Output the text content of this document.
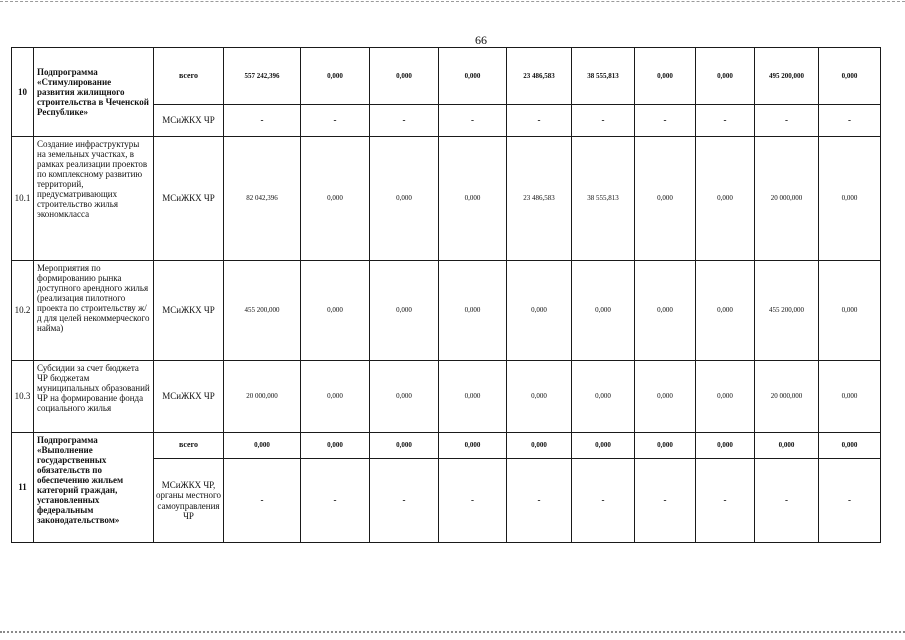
66
10	Подпрограмма «Стимулирование развития жилищного строительства в Чеченской Республике»	всего	557 242,396	0,000	0,000	0,000	23 486,583	38 555,813	0,000	0,000	495 200,000	0,000
		МСиЖКХ ЧР	-	-	-	-	-	-	-	-	-	-
10.1	Создание инфраструктуры на земельных участках, в рамках реализации проектов по комплексному развитию территорий, предусматривающих строительство жилья экономкласса	МСиЖКХ ЧР	82 042,396	0,000	0,000	0,000	23 486,583	38 555,813	0,000	0,000	20 000,000	0,000
10.2	Мероприятия по формированию рынка доступного арендного жилья (реализация пилотного проекта по строительству ж/д для целей некоммерческого найма)	МСиЖКХ ЧР	455 200,000	0,000	0,000	0,000	0,000	0,000	0,000	0,000	455 200,000	0,000
10.3	Субсидии за счет бюджета ЧР бюджетам муниципальных образований ЧР на формирование фонда социального жилья	МСиЖКХ ЧР	20 000,000	0,000	0,000	0,000	0,000	0,000	0,000	0,000	20 000,000	0,000
11	Подпрограмма «Выполнение государственных обязательств по обеспечению жильем категорий граждан, установленных федеральным законодательством»	всего	0,000	0,000	0,000	0,000	0,000	0,000	0,000	0,000	0,000	0,000
		МСиЖКХ ЧР, органы местного самоуправления ЧР	-	-	-	-	-	-	-	-	-	-
